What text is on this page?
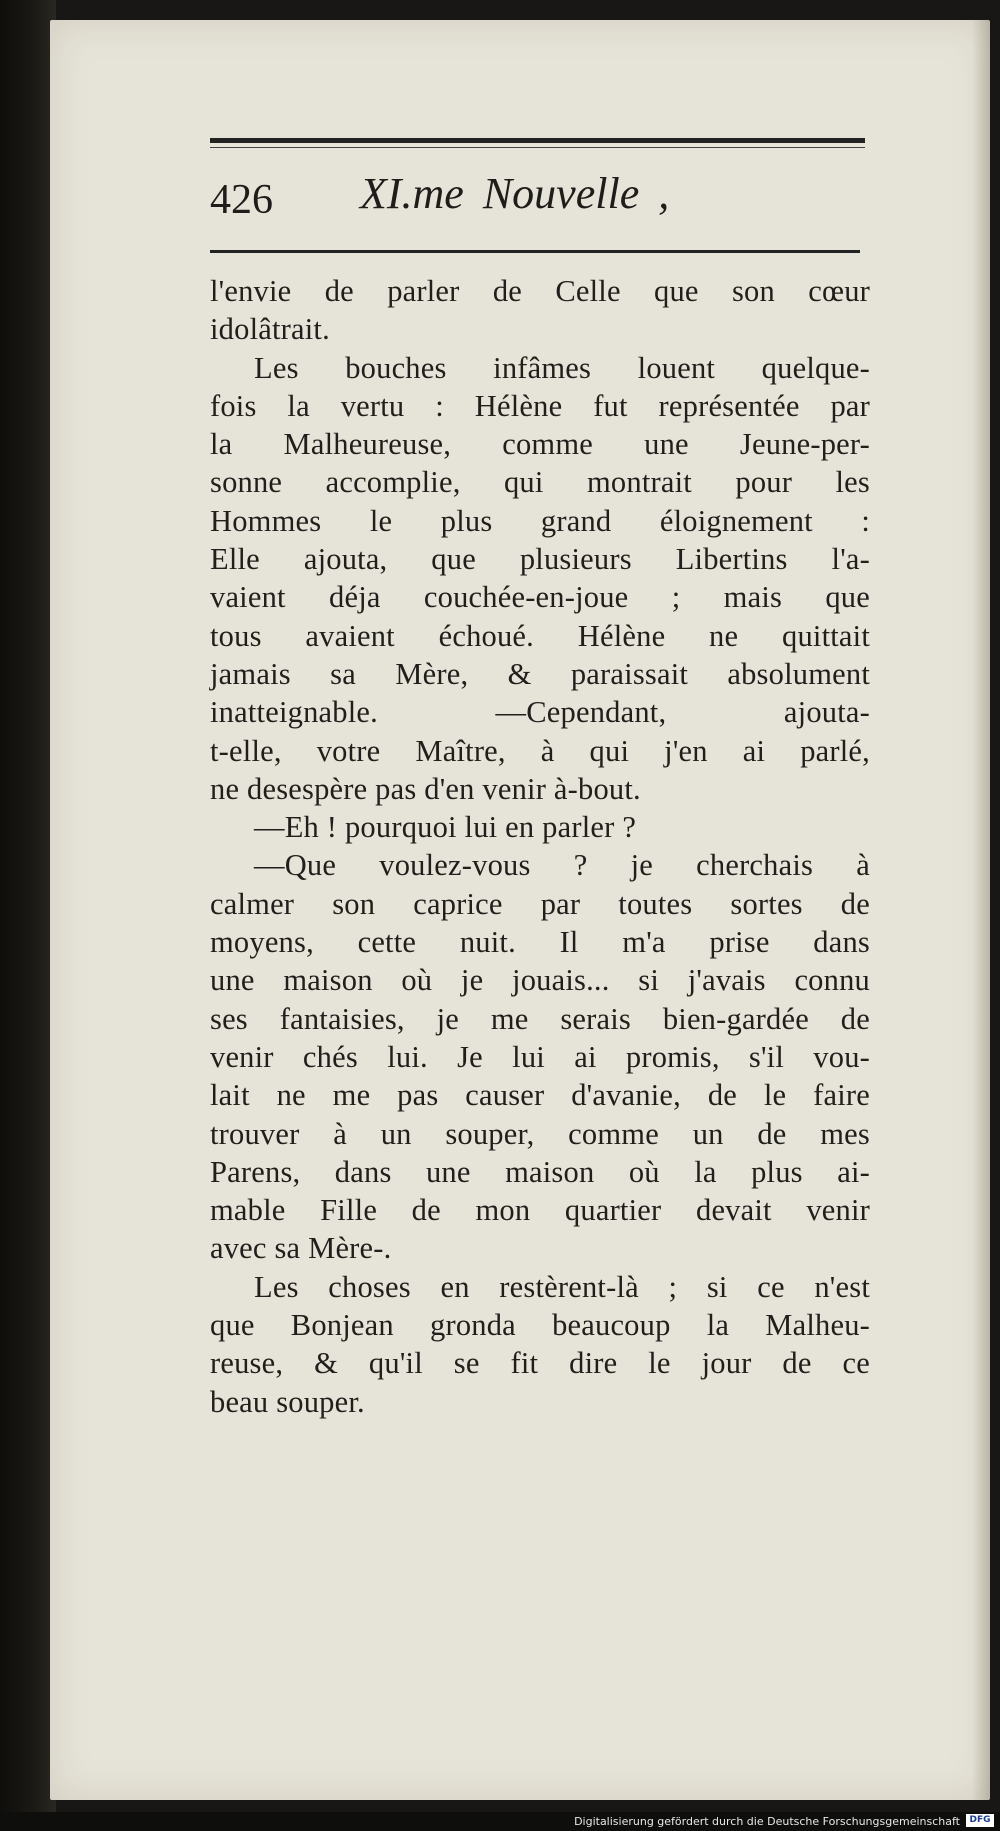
426 XI.me Nouvelle ,
l'envie de parler de Celle que son cœur
idolâtrait.
Les bouches infâmes louent quelque-
fois la vertu : Hélène fut représentée par
la Malheureuse, comme une Jeune-per-
sonne accomplie, qui montrait pour les
Hommes le plus grand éloignement :
Elle ajouta, que plusieurs Libertins l'a-
vaient déja couchée-en-joue ; mais que
tous avaient échoué. Hélène ne quittait
jamais sa Mère, & paraissait absolument
inatteignable. —Cependant, ajouta-
t-elle, votre Maître, à qui j'en ai parlé,
ne desespère pas d'en venir à-bout.
—Eh ! pourquoi lui en parler ?
—Que voulez-vous ? je cherchais à
calmer son caprice par toutes sortes de
moyens, cette nuit. Il m'a prise dans
une maison où je jouais... si j'avais connu
ses fantaisies, je me serais bien-gardée de
venir chés lui. Je lui ai promis, s'il vou-
lait ne me pas causer d'avanie, de le faire
trouver à un souper, comme un de mes
Parens, dans une maison où la plus ai-
mable Fille de mon quartier devait venir
avec sa Mère-.
Les choses en restèrent-là ; si ce n'est
que Bonjean gronda beaucoup la Malheu-
reuse, & qu'il se fit dire le jour de ce
beau souper.
Digitalisierung gefördert durch die Deutsche Forschungsgemeinschaft	DFG
